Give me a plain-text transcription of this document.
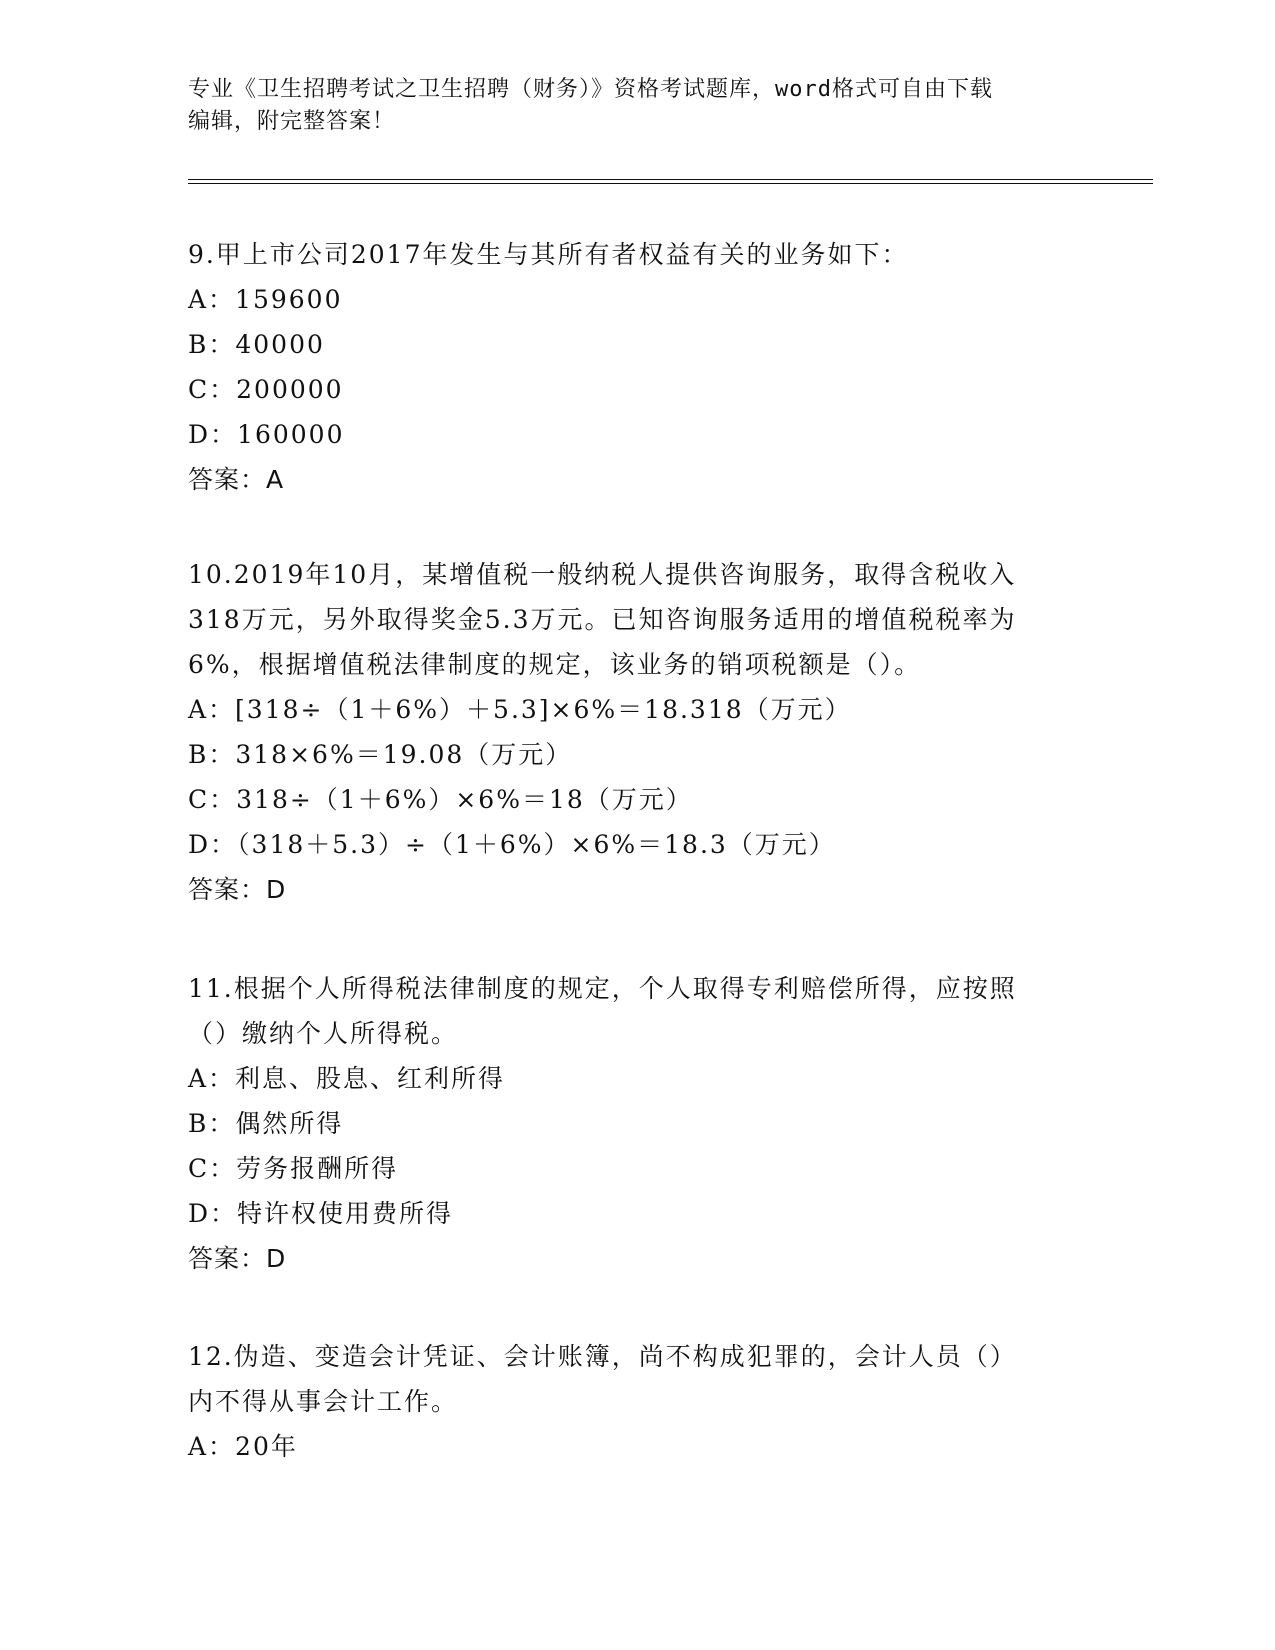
专业《卫生招聘考试之卫生招聘（财务）》资格考试题库，word格式可自由下载
编辑，附完整答案！
9.甲上市公司2017年发生与其所有者权益有关的业务如下：
A：159600
B：40000
C：200000
D：160000
答案：A
10.2019年10月，某增值税一般纳税人提供咨询服务，取得含税收入
318万元，另外取得奖金5.3万元。已知咨询服务适用的增值税税率为
6%，根据增值税法律制度的规定，该业务的销项税额是（）。
A：[318÷（1＋6%）＋5.3]×6%＝18.318（万元）
B：318×6%＝19.08（万元）
C：318÷（1＋6%）×6%＝18（万元）
D：（318＋5.3）÷（1＋6%）×6%＝18.3（万元）
答案：D
11.根据个人所得税法律制度的规定，个人取得专利赔偿所得，应按照
（）缴纳个人所得税。
A：利息、股息、红利所得
B：偶然所得
C：劳务报酬所得
D：特许权使用费所得
答案：D
12.伪造、变造会计凭证、会计账簿，尚不构成犯罪的，会计人员（）
内不得从事会计工作。
A：20年
